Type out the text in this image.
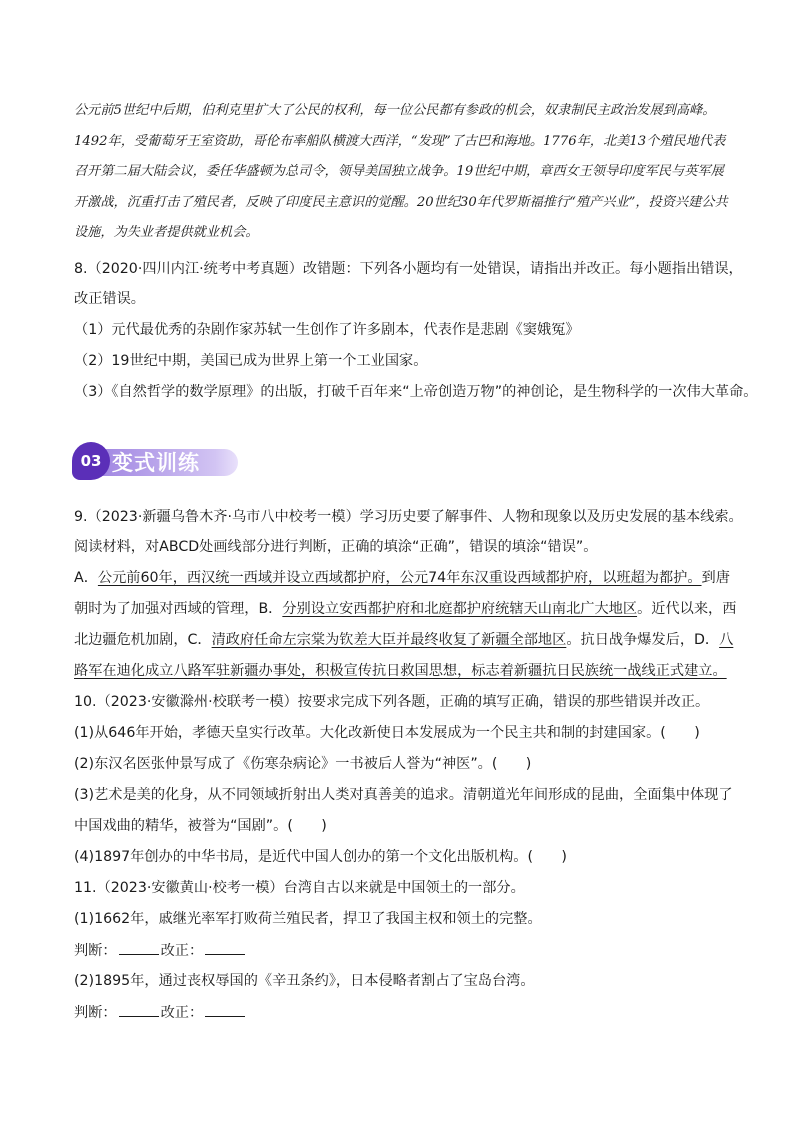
公元前5世纪中后期，伯利克里扩大了公民的权利，每一位公民都有参政的机会，奴隶制民主政治发展到高峰。1492年，受葡萄牙王室资助，哥伦布率船队横渡大西洋，“发现”了古巴和海地。1776年，北美13个殖民地代表召开第二届大陆会议，委任华盛顿为总司令，领导美国独立战争。19世纪中期，章西女王领导印度军民与英军展开激战，沉重打击了殖民者，反映了印度民主意识的觉醒。20世纪30年代罗斯福推行“殖产兴业”，投资兴建公共设施，为失业者提供就业机会。

8.（2020·四川内江·统考中考真题）改错题：下列各小题均有一处错误，请指出并改正。每小题指出错误，
改正错误。
（1）元代最优秀的杂剧作家苏轼一生创作了许多剧本，代表作是悲剧《窦娥冤》
（2）19世纪中期，美国已成为世界上第一个工业国家。
（3）《自然哲学的数学原理》的出版，打破千百年来“上帝创造万物”的神创论，是生物科学的一次伟大革命。
03 变式训练
9.（2023·新疆乌鲁木齐·乌市八中校考一模）学习历史要了解事件、人物和现象以及历史发展的基本线索。
阅读材料，对ABCD处画线部分进行判断，正确的填涂“正确”，错误的填涂“错误”。
A．公元前60年，西汉统一西域并设立西域都护府，公元74年东汉重设西域都护府，以班超为都护。到唐
朝时为了加强对西域的管理，B．分别设立安西都护府和北庭都护府统辖天山南北广大地区。近代以来，西
北边疆危机加剧，C．清政府任命左宗棠为钦差大臣并最终收复了新疆全部地区。抗日战争爆发后，D．八
路军在迪化成立八路军驻新疆办事处，积极宣传抗日救国思想，标志着新疆抗日民族统一战线正式建立。
10.（2023·安徽滁州·校联考一模）按要求完成下列各题，正确的填写正确，错误的那些错误并改正。
(1)从646年开始，孝德天皇实行改革。大化改新使日本发展成为一个民主共和制的封建国家。(　　)
(2)东汉名医张仲景写成了《伤寒杂病论》一书被后人誉为“神医”。(　　)
(3)艺术是美的化身，从不同领域折射出人类对真善美的追求。清朝道光年间形成的昆曲，全面集中体现了
中国戏曲的精华，被誉为“国剧”。(　　)
(4)1897年创办的中华书局，是近代中国人创办的第一个文化出版机构。(　　)
11.（2023·安徽黄山·校考一模）台湾自古以来就是中国领土的一部分。
(1)1662年，戚继光率军打败荷兰殖民者，捍卫了我国主权和领土的完整。
判断：	改正：
(2)1895年，通过丧权辱国的《辛丑条约》，日本侵略者割占了宝岛台湾。
判断：	改正：
